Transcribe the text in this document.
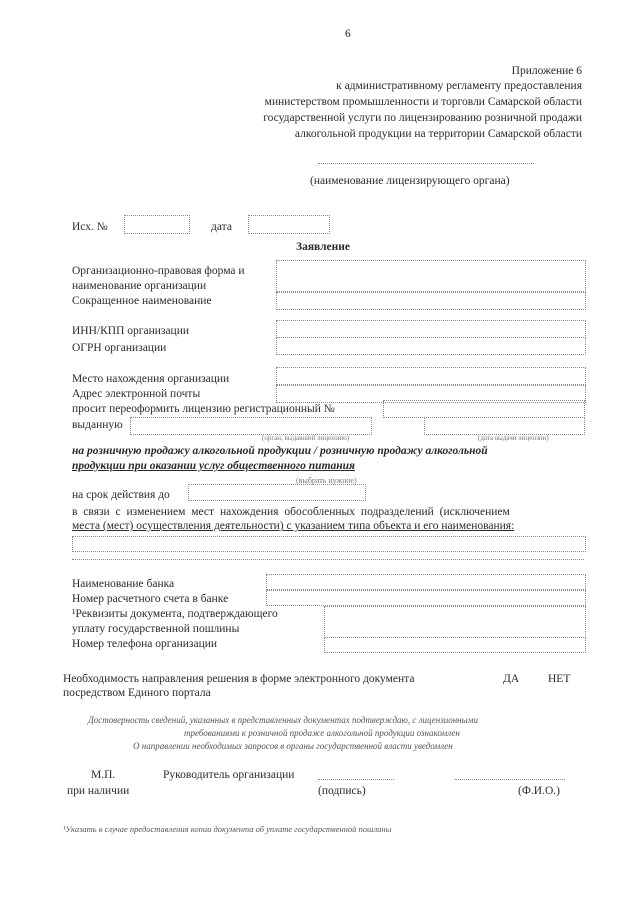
6
Приложение 6
к административному регламенту предоставления
министерством промышленности и торговли Самарской области
государственной услуги по лицензированию розничной продажи
алкогольной продукции на территории Самарской области
(наименование лицензирующего органа)
Исх. №	дата
Заявление
Организационно-правовая форма и
наименование организации
Сокращенное наименование
ИНН/КПП организации
ОГРН организации
Место нахождения организации
Адрес электронной почты
просит переоформить лицензию регистрационный №
выданную
(орган, выдавший лицензию)	(дата выдачи лицензии)
на розничную продажу алкогольной продукции / розничную продажу алкогольной
продукции при оказании услуг общественного питания
(выбрать нужное)
на срок действия до
в связи с изменением мест нахождения обособленных подразделений (исключением
места (мест) осуществления деятельности) с указанием типа объекта и его наименования:
Наименование банка
Номер расчетного счета в банке
¹Реквизиты документа, подтверждающего
уплату государственной пошлины
Номер телефона организации
Необходимость направления решения в форме электронного документа
посредством Единого портала
ДА	НЕТ
Достоверность сведений, указанных в представленных документах подтверждаю, с лицензионными
требованиями к розничной продаже алкогольной продукции ознакомлен
О направлении необходимых запросов в органы государственной власти уведомлен
М.П.
при наличии
Руководитель организации
(подпись)	(Ф.И.О.)
¹Указать в случае предоставления копии документа об уплате государственной пошлины
